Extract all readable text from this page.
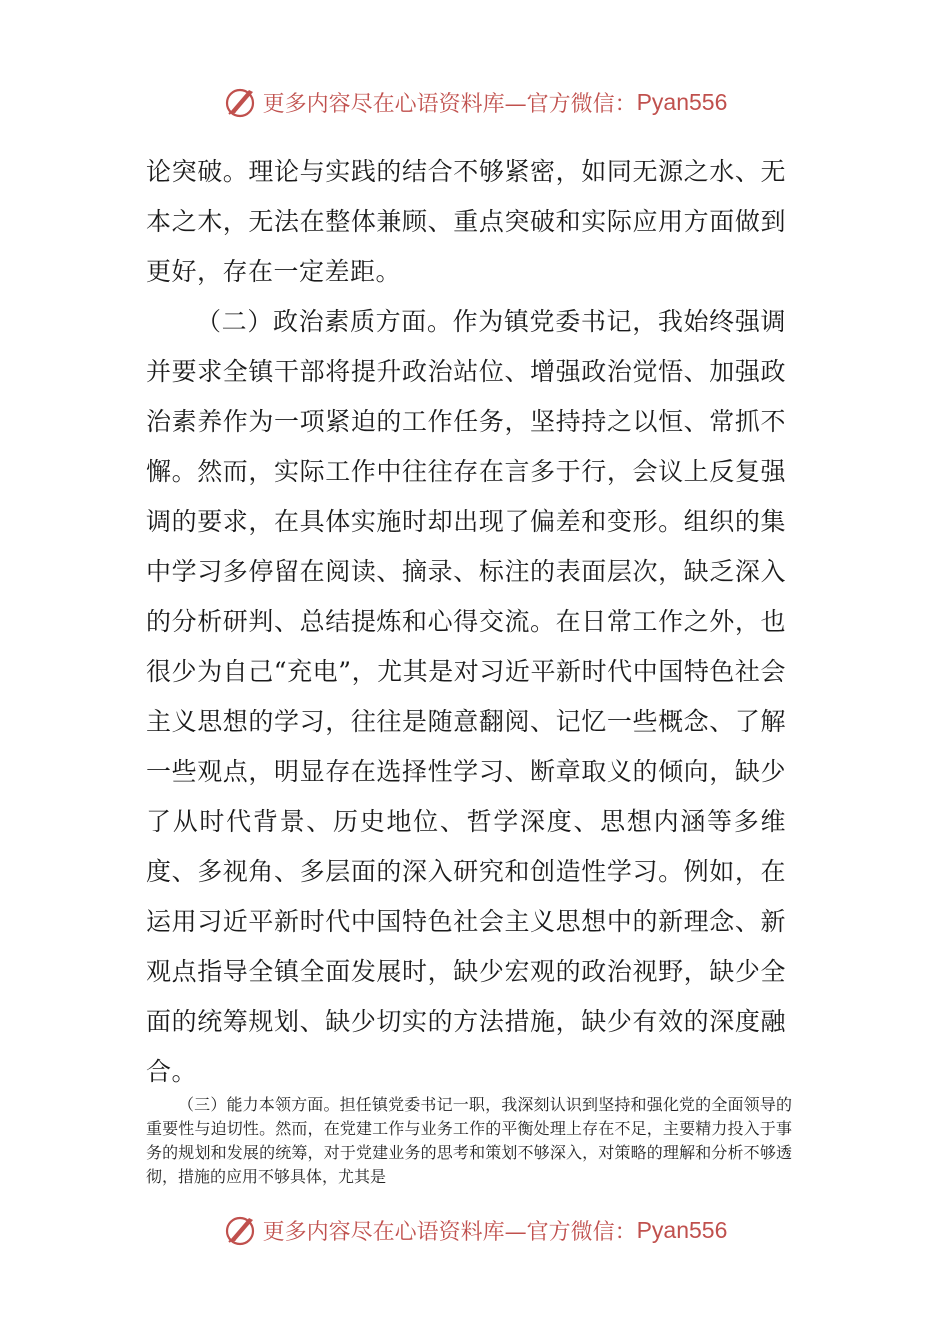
更多内容尽在心语资料库—官方微信： Pyan556
论突破。理论与实践的结合不够紧密，如同无源之水、无本之木，无法在整体兼顾、重点突破和实际应用方面做到更好，存在一定差距。
（二）政治素质方面。作为镇党委书记，我始终强调并要求全镇干部将提升政治站位、增强政治觉悟、加强政治素养作为一项紧迫的工作任务，坚持持之以恒、常抓不懈。然而，实际工作中往往存在言多于行，会议上反复强调的要求，在具体实施时却出现了偏差和变形。组织的集中学习多停留在阅读、摘录、标注的表面层次，缺乏深入的分析研判、总结提炼和心得交流。在日常工作之外，也很少为自己“充电”，尤其是对习近平新时代中国特色社会主义思想的学习，往往是随意翻阅、记忆一些概念、了解一些观点，明显存在选择性学习、断章取义的倾向，缺少了从时代背景、历史地位、哲学深度、思想内涵等多维度、多视角、多层面的深入研究和创造性学习。例如，在运用习近平新时代中国特色社会主义思想中的新理念、新观点指导全镇全面发展时，缺少宏观的政治视野，缺少全面的统筹规划、缺少切实的方法措施，缺少有效的深度融合。
（三）能力本领方面。担任镇党委书记一职，我深刻认识到坚持和强化党的全面领导的重要性与迫切性。然而，在党建工作与业务工作的平衡处理上存在不足，主要精力投入于事务的规划和发展的统筹，对于党建业务的思考和策划不够深入，对策略的理解和分析不够透彻，措施的应用不够具体，尤其是
更多内容尽在心语资料库—官方微信： Pyan556
